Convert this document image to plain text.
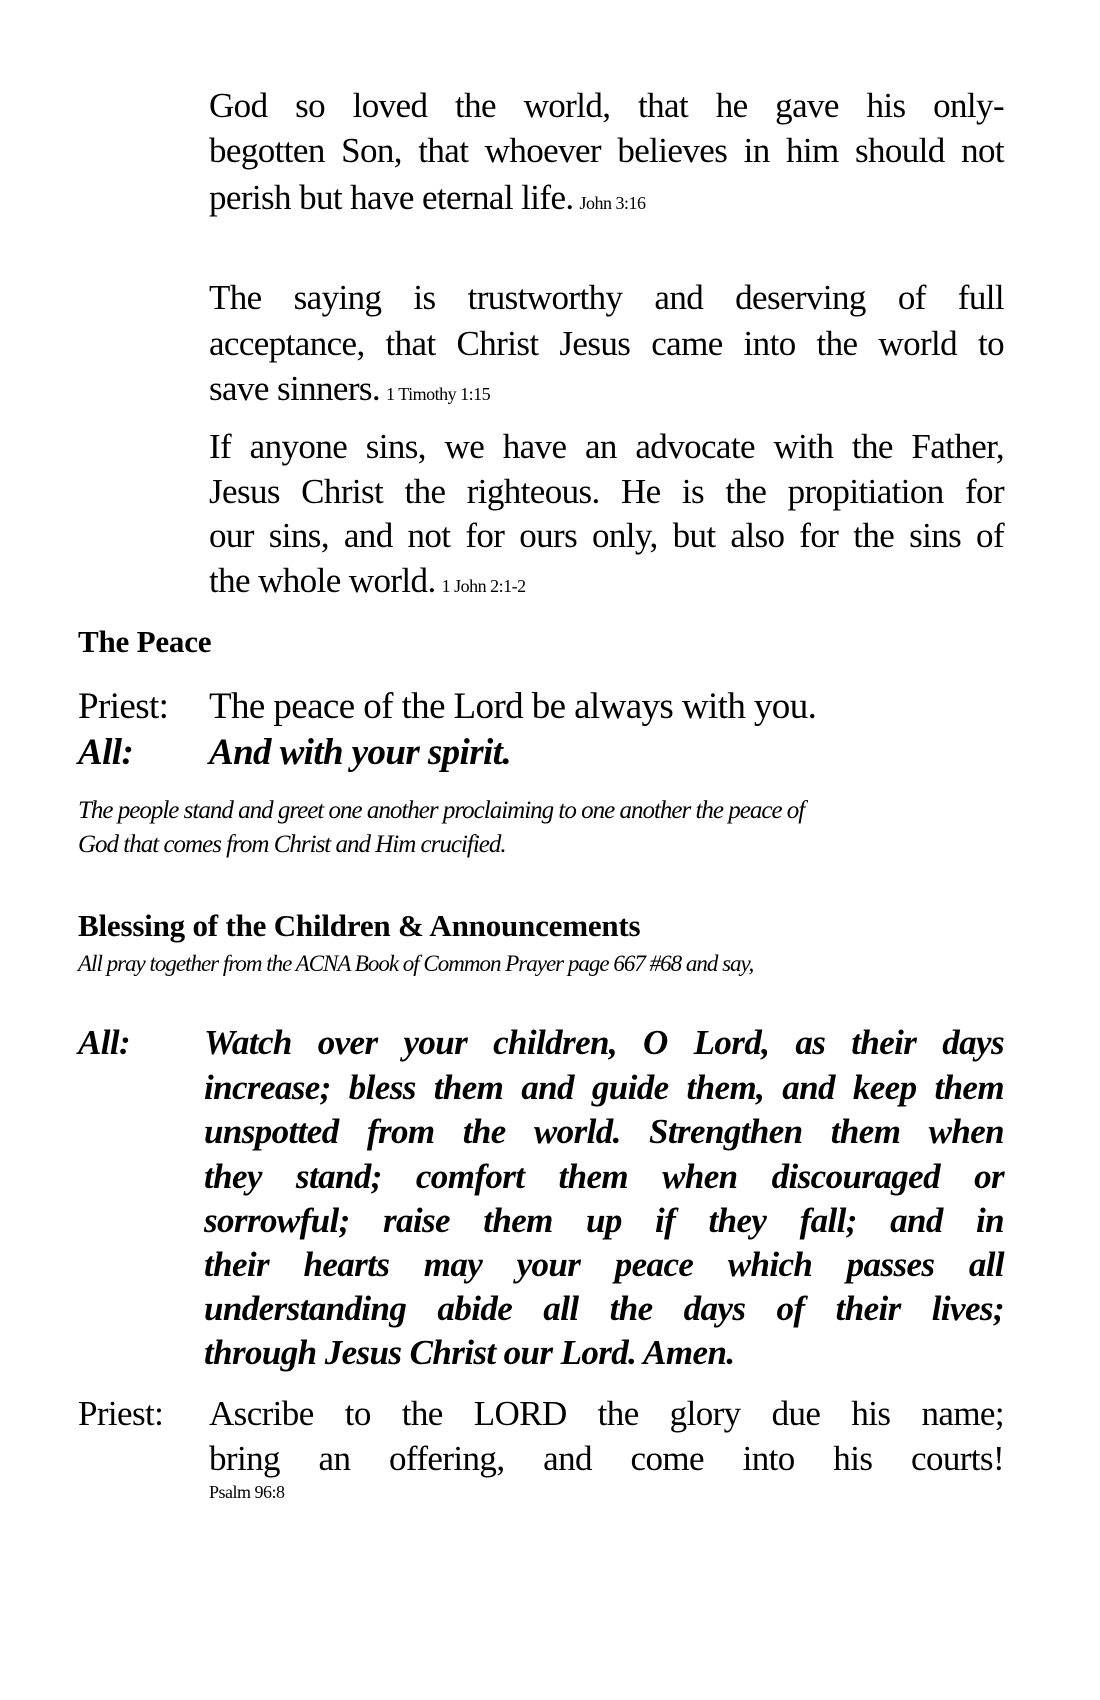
God so loved the world, that he gave his only-
begotten Son, that whoever believes in him should not
perish but have eternal life. John 3:16
The saying is trustworthy and deserving of full
acceptance, that Christ Jesus came into the world to
save sinners. 1 Timothy 1:15
If anyone sins, we have an advocate with the Father,
Jesus Christ the righteous. He is the propitiation for
our sins, and not for ours only, but also for the sins of
the whole world. 1 John 2:1-2
The Peace
Priest: The peace of the Lord be always with you.
All: And with your spirit.
The people stand and greet one another proclaiming to one another the peace of
God that comes from Christ and Him crucified.
Blessing of the Children & Announcements
All pray together from the ACNA Book of Common Prayer page 667 #68 and say,
All: Watch over your children, O Lord, as their days
increase; bless them and guide them, and keep them
unspotted from the world. Strengthen them when
they stand; comfort them when discouraged or
sorrowful; raise them up if they fall; and in
their hearts may your peace which passes all
understanding abide all the days of their lives;
through Jesus Christ our Lord. Amen.
Priest: Ascribe to the LORD the glory due his name;
bring an offering, and come into his courts!
Psalm 96:8
